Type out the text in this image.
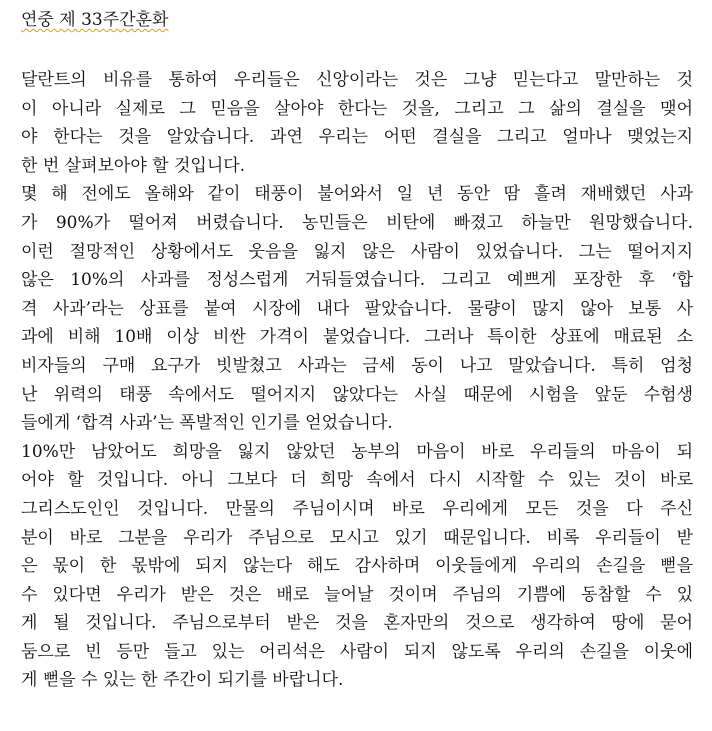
연중 제 33주간훈화
달란트의 비유를 통하여 우리들은 신앙이라는 것은 그냥 믿는다고 말만하는 것
이 아니라 실제로 그 믿음을 살아야 한다는 것을, 그리고 그 삶의 결실을 맺어
야 한다는 것을 알았습니다. 과연 우리는 어떤 결실을 그리고 얼마나 맺었는지
한 번 살펴보아야 할 것입니다.
몇 해 전에도 올해와 같이 태풍이 불어와서 일 년 동안 땀 흘려 재배했던 사과
가 90%가 떨어져 버렸습니다. 농민들은 비탄에 빠졌고 하늘만 원망했습니다.
이런 절망적인 상황에서도 웃음을 잃지 않은 사람이 있었습니다. 그는 떨어지지
않은 10%의 사과를 정성스럽게 거둬들였습니다. 그리고 예쁘게 포장한 후 ‘합
격 사과’라는 상표를 붙여 시장에 내다 팔았습니다. 물량이 많지 않아 보통 사
과에 비해 10배 이상 비싼 가격이 붙었습니다. 그러나 특이한 상표에 매료된 소
비자들의 구매 요구가 빗발쳤고 사과는 금세 동이 나고 말았습니다. 특히 엄청
난 위력의 태풍 속에서도 떨어지지 않았다는 사실 때문에 시험을 앞둔 수험생
들에게 ‘합격 사과’는 폭발적인 인기를 얻었습니다.
10%만 남았어도 희망을 잃지 않았던 농부의 마음이 바로 우리들의 마음이 되
어야 할 것입니다. 아니 그보다 더 희망 속에서 다시 시작할 수 있는 것이 바로
그리스도인인 것입니다. 만물의 주님이시며 바로 우리에게 모든 것을 다 주신
분이 바로 그분을 우리가 주님으로 모시고 있기 때문입니다. 비록 우리들이 받
은 몫이 한 몫밖에 되지 않는다 해도 감사하며 이웃들에게 우리의 손길을 뻗을
수 있다면 우리가 받은 것은 배로 늘어날 것이며 주님의 기쁨에 동참할 수 있
게 될 것입니다. 주님으로부터 받은 것을 혼자만의 것으로 생각하여 땅에 묻어
둠으로 빈 등만 들고 있는 어리석은 사람이 되지 않도록 우리의 손길을 이웃에
게 뻗을 수 있는 한 주간이 되기를 바랍니다.
